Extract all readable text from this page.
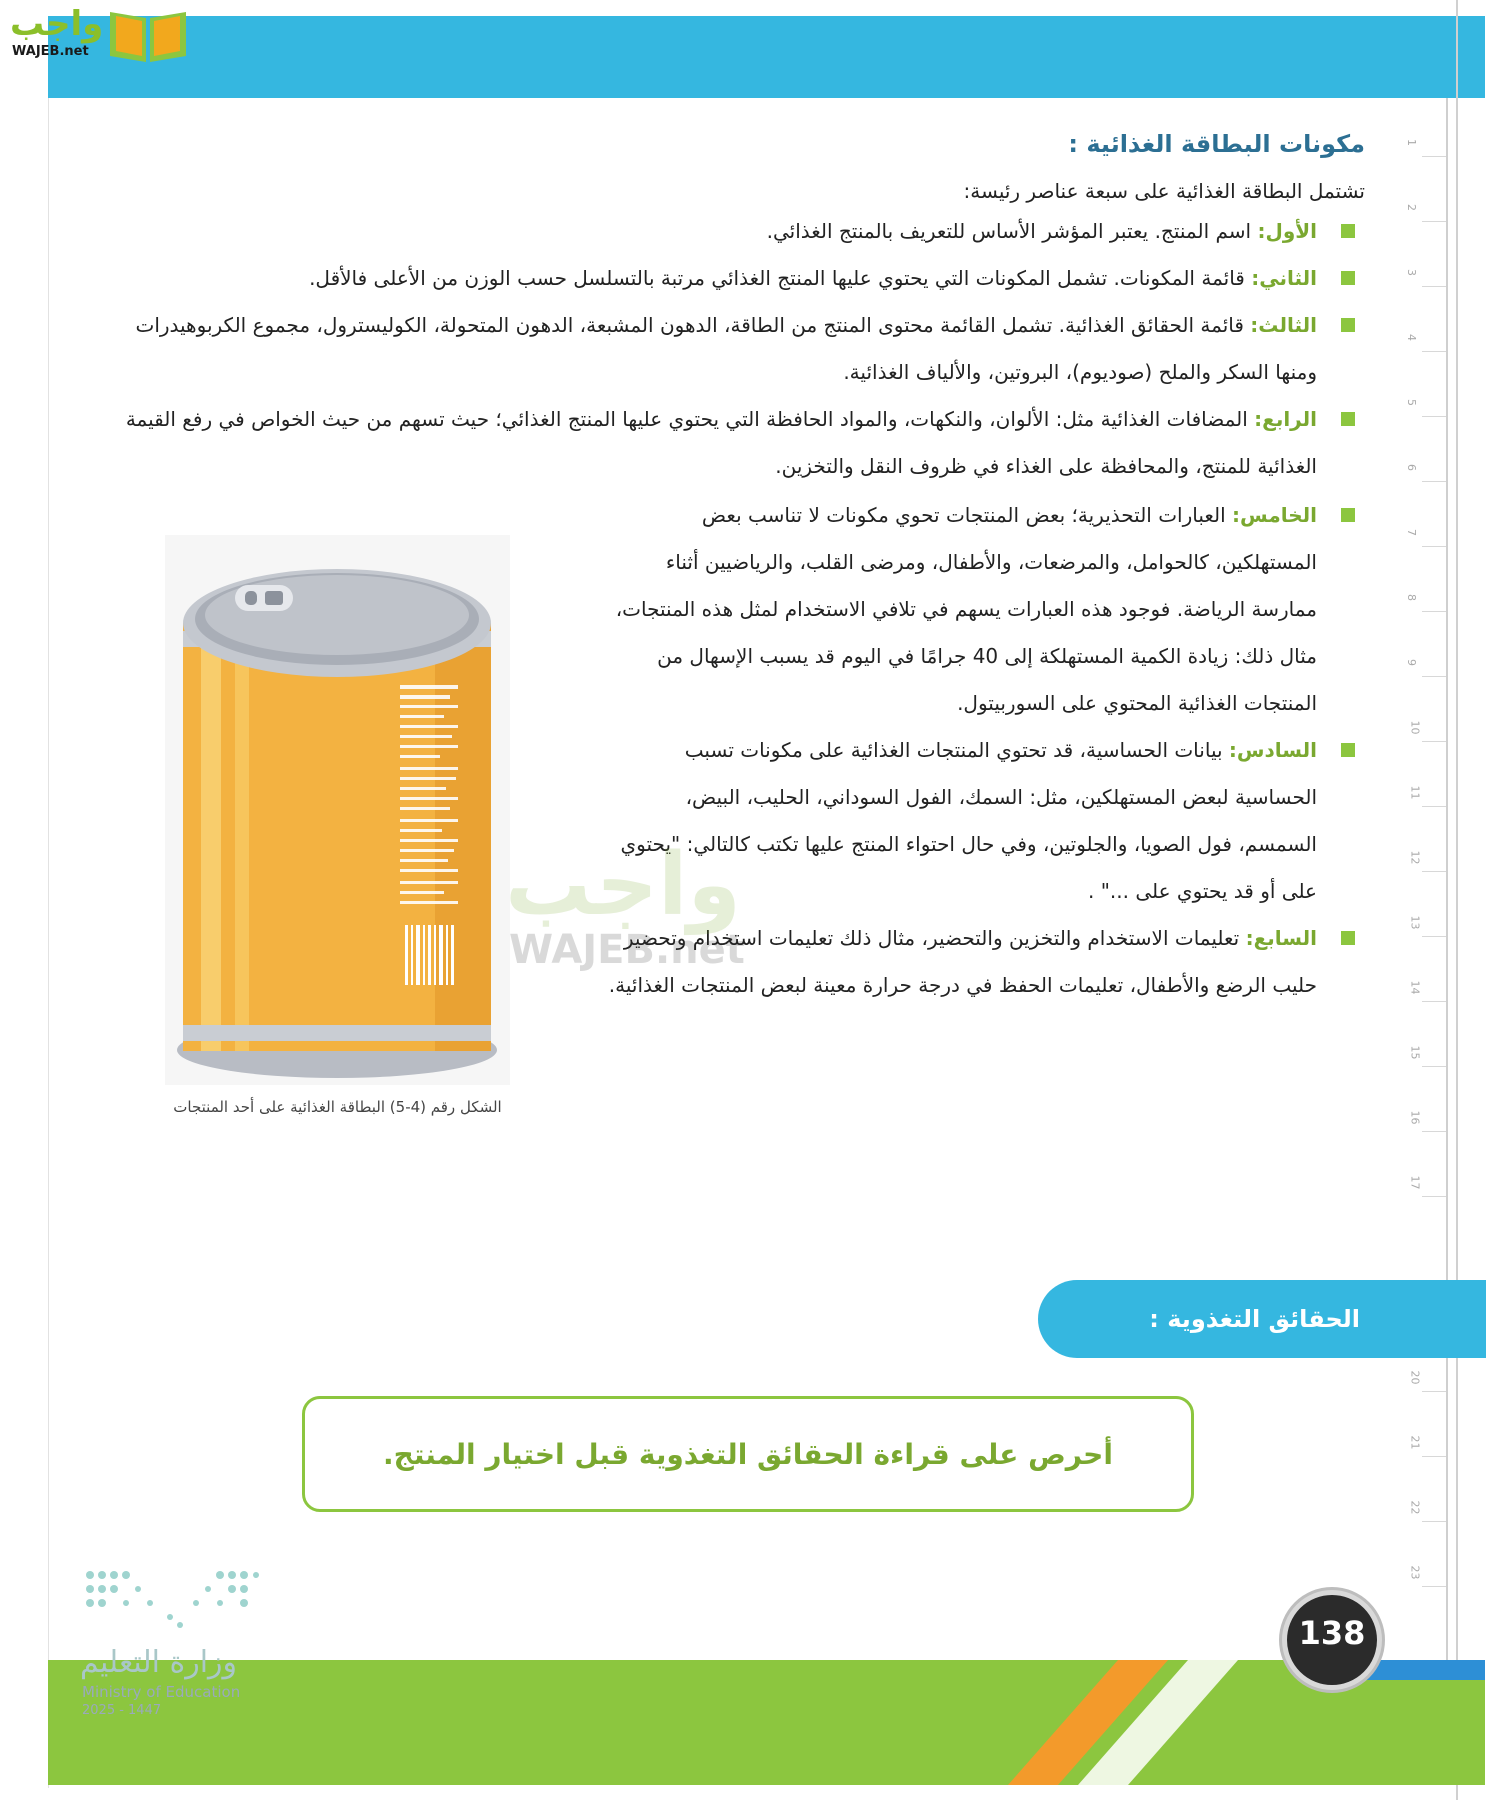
واجب
WAJEB.net
1
2
3
4
5
6
7
8
9
10
11
12
13
14
15
16
17
20
21
22
23
مكونات البطاقة الغذائية :
تشتمل البطاقة الغذائية على سبعة عناصر رئيسة:
الأول: اسم المنتج. يعتبر المؤشر الأساس للتعريف بالمنتج الغذائي.
الثاني: قائمة المكونات. تشمل المكونات التي يحتوي عليها المنتج الغذائي مرتبة بالتسلسل حسب الوزن من الأعلى فالأقل.
الثالث: قائمة الحقائق الغذائية. تشمل القائمة محتوى المنتج من الطاقة، الدهون المشبعة، الدهون المتحولة، الكوليسترول، مجموع الكربوهيدرات ومنها السكر والملح (صوديوم)، البروتين، والألياف الغذائية.
الرابع: المضافات الغذائية مثل: الألوان، والنكهات، والمواد الحافظة التي يحتوي عليها المنتج الغذائي؛ حيث تسهم من حيث الخواص في رفع القيمة الغذائية للمنتج، والمحافظة على الغذاء في ظروف النقل والتخزين.
الخامس: العبارات التحذيرية؛ بعض المنتجات تحوي مكونات لا تناسب بعض المستهلكين، كالحوامل، والمرضعات، والأطفال، ومرضى القلب، والرياضيين أثناء ممارسة الرياضة. فوجود هذه العبارات يسهم في تلافي الاستخدام لمثل هذه المنتجات، مثال ذلك: زيادة الكمية المستهلكة إلى 40 جرامًا في اليوم قد يسبب الإسهال من المنتجات الغذائية المحتوي على السوربيتول.
السادس: بيانات الحساسية، قد تحتوي المنتجات الغذائية على مكونات تسبب الحساسية لبعض المستهلكين، مثل: السمك، الفول السوداني، الحليب، البيض، السمسم، فول الصويا، والجلوتين، وفي حال احتواء المنتج عليها تكتب كالتالي: "يحتوي على أو قد يحتوي على ..." .
السابع: تعليمات الاستخدام والتخزين والتحضير، مثال ذلك تعليمات استخدام وتحضير حليب الرضع والأطفال، تعليمات الحفظ في درجة حرارة معينة لبعض المنتجات الغذائية.
الشكل رقم (4-5) البطاقة الغذائية على أحد المنتجات
واجب
WAJEB.net
الحقائق التغذوية :
أحرص على قراءة الحقائق التغذوية قبل اختيار المنتج.
وزارة التعليم
Ministry of Education
2025 - 1447
138
